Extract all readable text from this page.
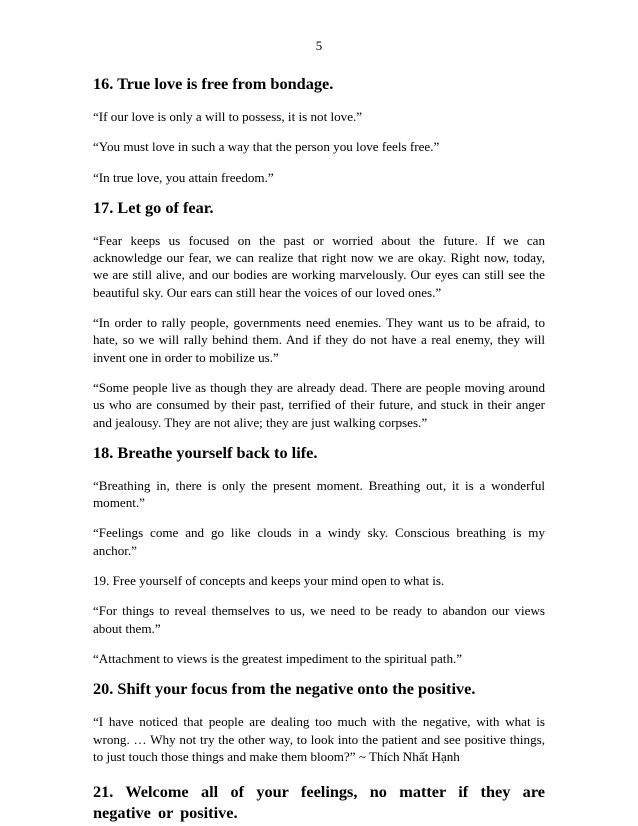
5
16. True love is free from bondage.

“If our love is only a will to possess, it is not love.”

“You must love in such a way that the person you love feels free.”

“In true love, you attain freedom.”

17. Let go of fear.

“Fear keeps us focused on the past or worried about the future. If we can acknowledge our fear, we can realize that right now we are okay. Right now, today, we are still alive, and our bodies are working marvelously. Our eyes can still see the beautiful sky. Our ears can still hear the voices of our loved ones.”

“In order to rally people, governments need enemies. They want us to be afraid, to hate, so we will rally behind them. And if they do not have a real enemy, they will invent one in order to mobilize us.”

“Some people live as though they are already dead. There are people moving around us who are consumed by their past, terrified of their future, and stuck in their anger and jealousy. They are not alive; they are just walking corpses.”

18. Breathe yourself back to life.

“Breathing in, there is only the present moment. Breathing out, it is a wonderful moment.”

“Feelings come and go like clouds in a windy sky. Conscious breathing is my anchor.”

19. Free yourself of concepts and keeps your mind open to what is.

“For things to reveal themselves to us, we need to be ready to abandon our views about them.”

“Attachment to views is the greatest impediment to the spiritual path.”

20. Shift your focus from the negative onto the positive.

“I have noticed that people are dealing too much with the negative, with what is wrong. … Why not try the other way, to look into the patient and see positive things, to just touch those things and make them bloom?” ~ Thích Nhất Hạnh

21. Welcome all of your feelings, no matter if they are negative or positive.
